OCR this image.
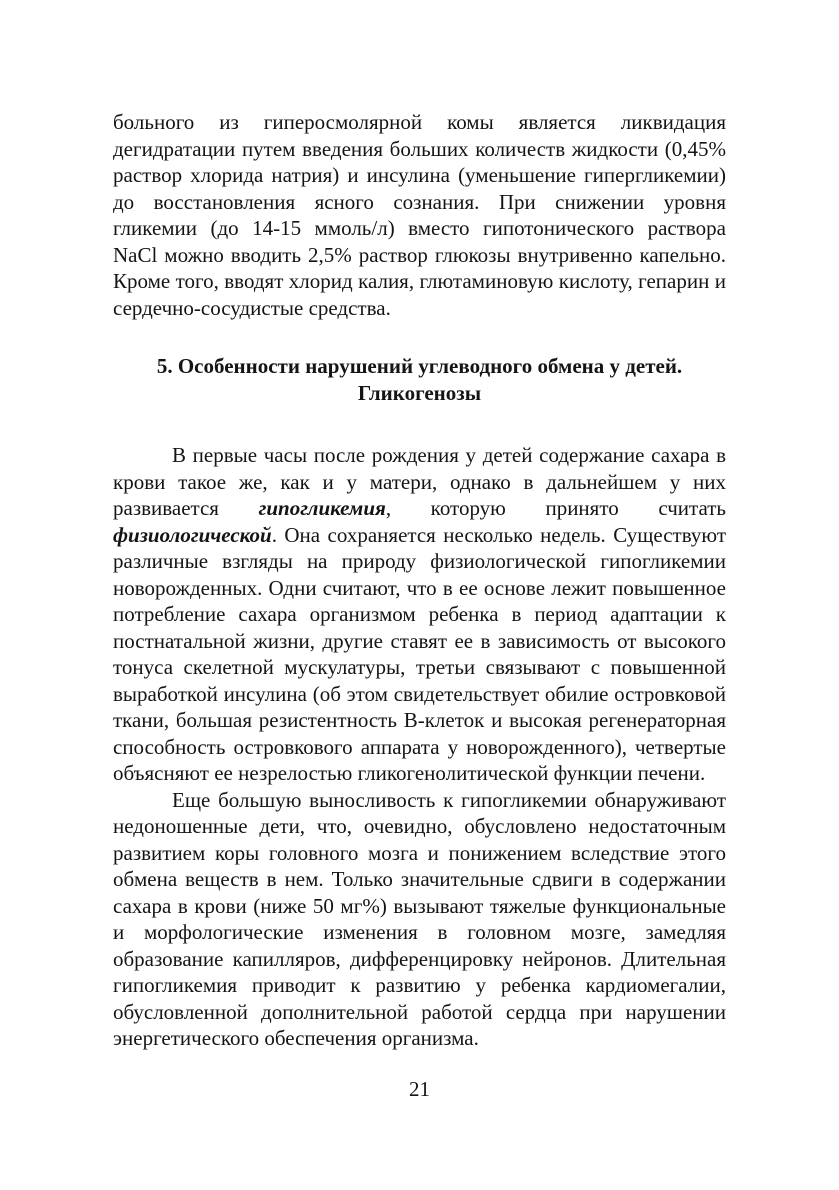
больного из гиперосмолярной комы является ликвидация дегидратации путем введения больших количеств жидкости (0,45% раствор хлорида натрия) и инсулина (уменьшение гипергликемии) до восстановления ясного сознания. При снижении уровня гликемии (до 14-15 ммоль/л) вместо гипотонического раствора NaCl можно вводить 2,5% раствор глюкозы внутривенно капельно. Кроме того, вводят хлорид калия, глютаминовую кислоту, гепарин и сердечно-сосудистые средства.

5. Особенности нарушений углеводного обмена у детей.
Гликогенозы

В первые часы после рождения у детей содержание сахара в крови такое же, как и у матери, однако в дальнейшем у них развивается гипогликемия, которую принято считать физиологической. Она сохраняется несколько недель. Существуют различные взгляды на природу физиологической гипогликемии новорожденных. Одни считают, что в ее основе лежит повышенное потребление сахара организмом ребенка в период адаптации к постнатальной жизни, другие ставят ее в зависимость от высокого тонуса скелетной мускулатуры, третьи связывают с повышенной выработкой инсулина (об этом свидетельствует обилие островковой ткани, большая резистентность В-клеток и высокая регенераторная способность островкового аппарата у новорожденного), четвертые объясняют ее незрелостью гликогенолитической функции печени.

Еще большую выносливость к гипогликемии обнаруживают недоношенные дети, что, очевидно, обусловлено недостаточным развитием коры головного мозга и понижением вследствие этого обмена веществ в нем. Только значительные сдвиги в содержании сахара в крови (ниже 50 мг%) вызывают тяжелые функциональные и морфологические изменения в головном мозге, замедляя образование капилляров, дифференцировку нейронов. Длительная гипогликемия приводит к развитию у ребенка кардиомегалии, обусловленной дополнительной работой сердца при нарушении энергетического обеспечения организма.

21
